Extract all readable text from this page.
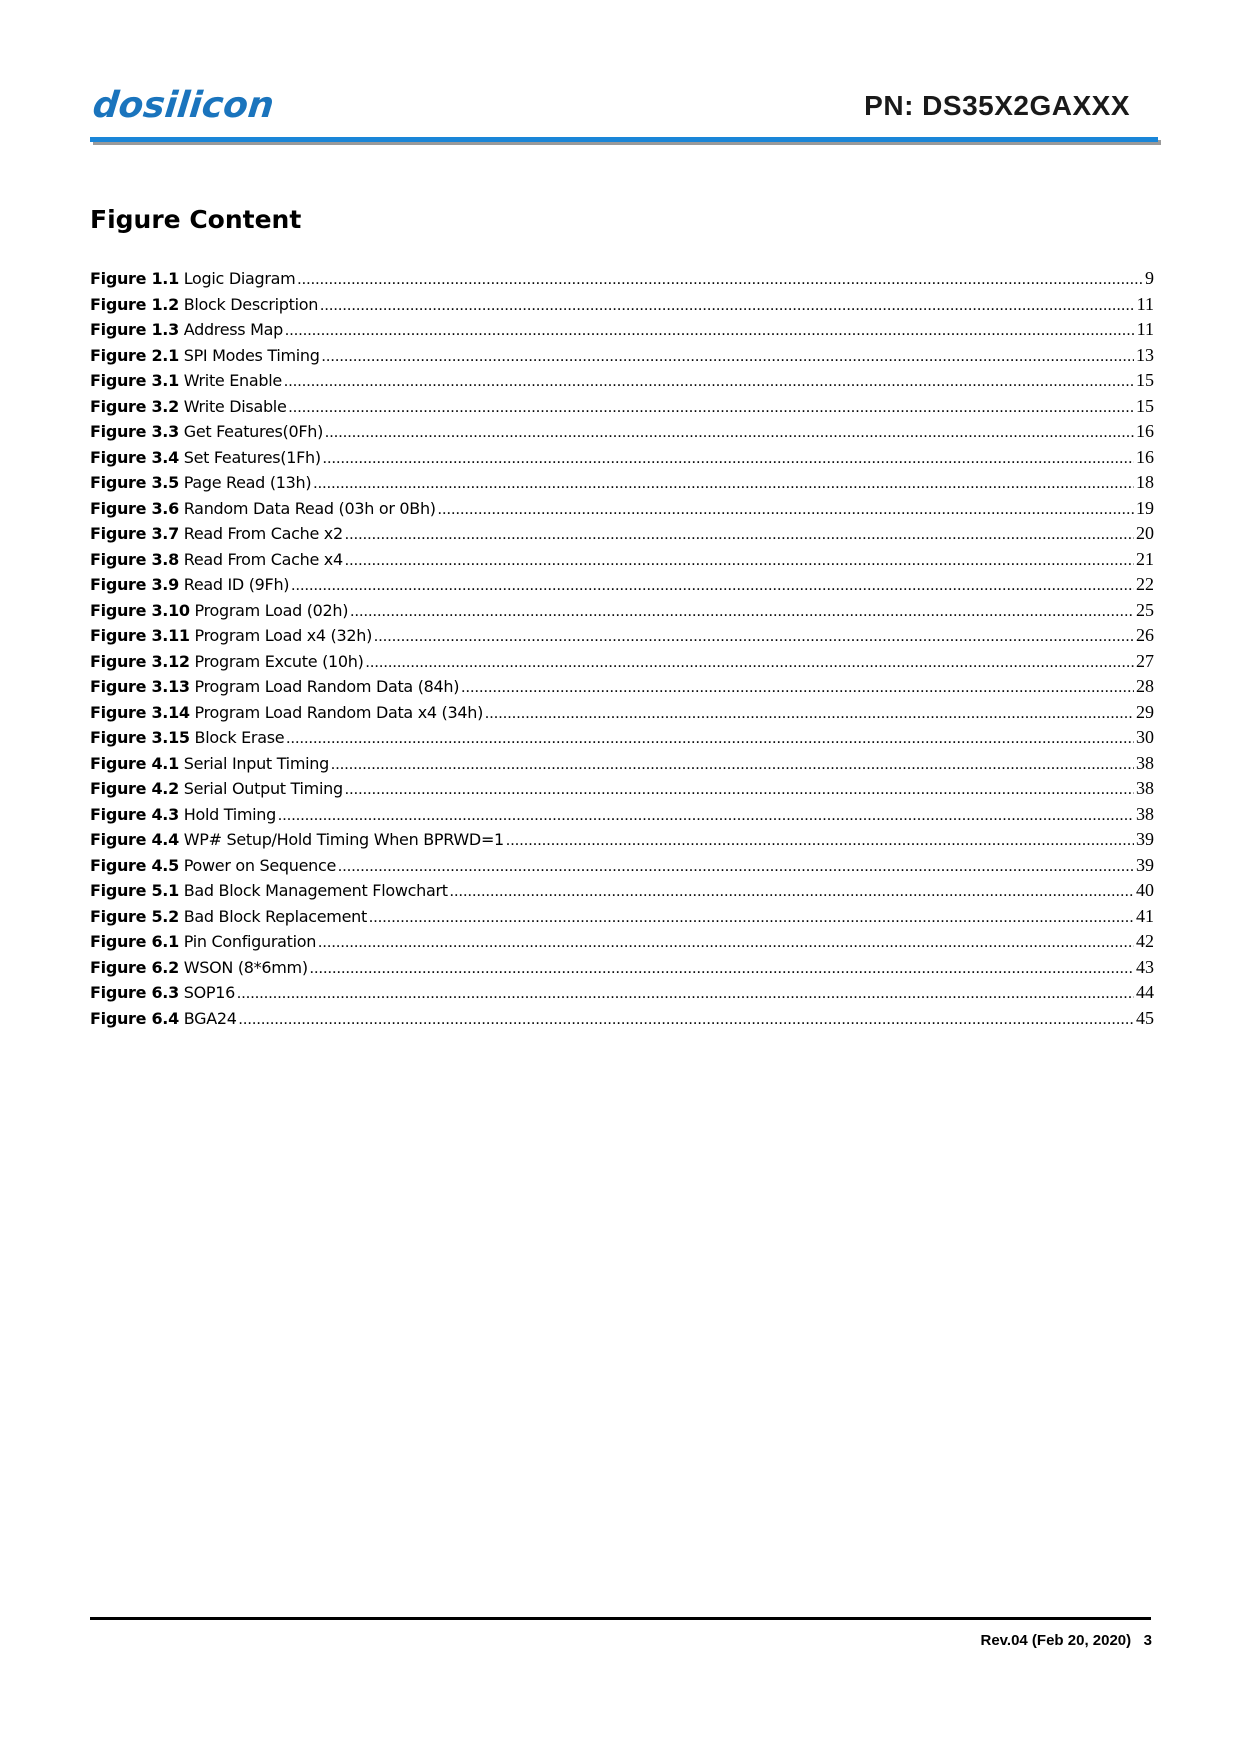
dosilicon	PN: DS35X2GAXXX
Figure Content
Figure 1.1 Logic Diagram .....	9
Figure 1.2 Block Description .....	11
Figure 1.3 Address Map .....	11
Figure 2.1 SPI Modes Timing .....	13
Figure 3.1 Write Enable .....	15
Figure 3.2 Write Disable .....	15
Figure 3.3 Get Features(0Fh) .....	16
Figure 3.4 Set Features(1Fh) .....	16
Figure 3.5 Page Read (13h) .....	18
Figure 3.6 Random Data Read (03h or 0Bh) .....	19
Figure 3.7 Read From Cache x2 .....	20
Figure 3.8 Read From Cache x4 .....	21
Figure 3.9 Read ID (9Fh) .....	22
Figure 3.10 Program Load (02h) .....	25
Figure 3.11 Program Load x4 (32h) .....	26
Figure 3.12 Program Excute (10h) .....	27
Figure 3.13 Program Load Random Data (84h) .....	28
Figure 3.14 Program Load Random Data x4 (34h) .....	29
Figure 3.15 Block Erase .....	30
Figure 4.1 Serial Input Timing .....	38
Figure 4.2 Serial Output Timing .....	38
Figure 4.3 Hold Timing .....	38
Figure 4.4 WP# Setup/Hold Timing When BPRWD=1 .....	39
Figure 4.5 Power on Sequence .....	39
Figure 5.1 Bad Block Management Flowchart .....	40
Figure 5.2 Bad Block Replacement .....	41
Figure 6.1 Pin Configuration .....	42
Figure 6.2 WSON (8*6mm) .....	43
Figure 6.3 SOP16 .....	44
Figure 6.4 BGA24 .....	45
Rev.04 (Feb 20, 2020) 3
